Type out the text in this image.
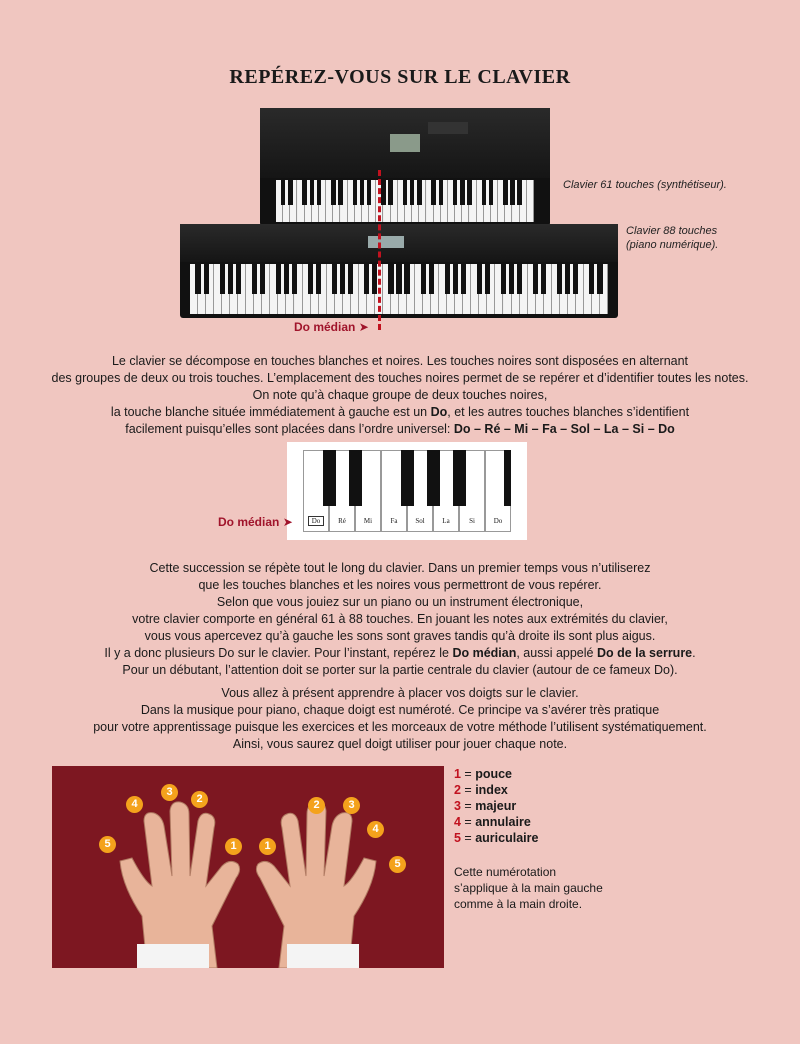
REPÉREZ-VOUS SUR LE CLAVIER
Clavier 61 touches (synthétiseur).
Clavier 88 touches
(piano numérique).
Do médian ➤
Le clavier se décompose en touches blanches et noires. Les touches noires sont disposées en alternant
des groupes de deux ou trois touches. L’emplacement des touches noires permet de se repérer et d’identifier toutes les notes.
On note qu’à chaque groupe de deux touches noires,
la touche blanche située immédiatement à gauche est un Do, et les autres touches blanches s’identifient
facilement puisqu’elles sont placées dans l’ordre universel: Do – Ré – Mi – Fa – Sol – La – Si – Do
Do	Ré	Mi	Fa	Sol	La	Si	Do
Do médian ➤
Cette succession se répète tout le long du clavier. Dans un premier temps vous n’utiliserez
que les touches blanches et les noires vous permettront de vous repérer.
Selon que vous jouiez sur un piano ou un instrument électronique,
votre clavier comporte en général 61 à 88 touches. En jouant les notes aux extrémités du clavier,
vous vous apercevez qu’à gauche les sons sont graves tandis qu’à droite ils sont plus aigus.
Il y a donc plusieurs Do sur le clavier. Pour l’instant, repérez le Do médian, aussi appelé Do de la serrure.
Pour un débutant, l’attention doit se porter sur la partie centrale du clavier (autour de ce fameux Do).
Vous allez à présent apprendre à placer vos doigts sur le clavier.
Dans la musique pour piano, chaque doigt est numéroté. Ce principe va s’avérer très pratique
pour votre apprentissage puisque les exercices et les morceaux de votre méthode l’utilisent systématiquement.
Ainsi, vous saurez quel doigt utiliser pour jouer chaque note.
5
4
3
2
1	1
2	3
4
5
1 = pouce
2 = index
3 = majeur
4 = annulaire
5 = auriculaire
Cette numérotation
s’applique à la main gauche
comme à la main droite.
